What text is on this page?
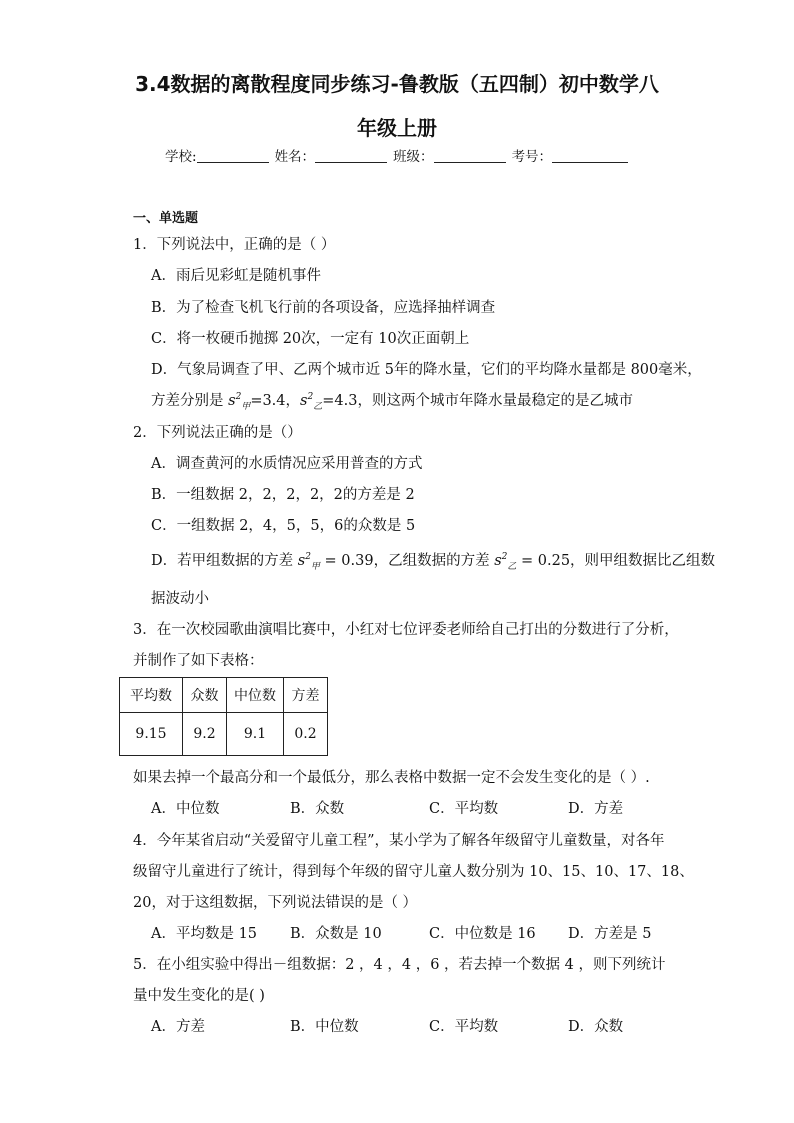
3.4数据的离散程度同步练习-鲁教版（五四制）初中数学八
年级上册
学校:	姓名：	班级：	考号：
一、单选题
1．下列说法中，正确的是（ ）
A．雨后见彩虹是随机事件
B．为了检查飞机飞行前的各项设备，应选择抽样调查
C．将一枚硬币抛掷 20次，一定有 10次正面朝上
D．气象局调查了甲、乙两个城市近 5年的降水量，它们的平均降水量都是 800毫米，
方差分别是 $s^2_甲=3.4$，$s^2_乙=4.3$，则这两个城市年降水量最稳定的是乙城市
2．下列说法正确的是（）
A．调查黄河的水质情况应采用普查的方式
B．一组数据 2，2，2，2，2的方差是 2
C．一组数据 2，4，5，5，6的众数是 5
D．若甲组数据的方差 $s^2_甲 = 0.39$，乙组数据的方差 $s^2_乙 = 0.25$，则甲组数据比乙组数
据波动小
3．在一次校园歌曲演唱比赛中，小红对七位评委老师给自己打出的分数进行了分析，
并制作了如下表格：
平均数	众数	中位数	方差
9.15	9.2	9.1	0.2
如果去掉一个最高分和一个最低分，那么表格中数据一定不会发生变化的是（ ）.
A．中位数	B．众数	C．平均数	D．方差
4．今年某省启动“关爱留守儿童工程”，某小学为了解各年级留守儿童数量，对各年
级留守儿童进行了统计，得到每个年级的留守儿童人数分别为 10、15、10、17、18、
20，对于这组数据，下列说法错误的是（ ）
A．平均数是 15 B．众数是 10	C．中位数是 16 D．方差是 5
5．在小组实验中得出－组数据：2 ，4 ，4 ，6 ，若去掉一个数据 4 ，则下列统计
量中发生变化的是( )
A．方差	B．中位数	C．平均数	D．众数
